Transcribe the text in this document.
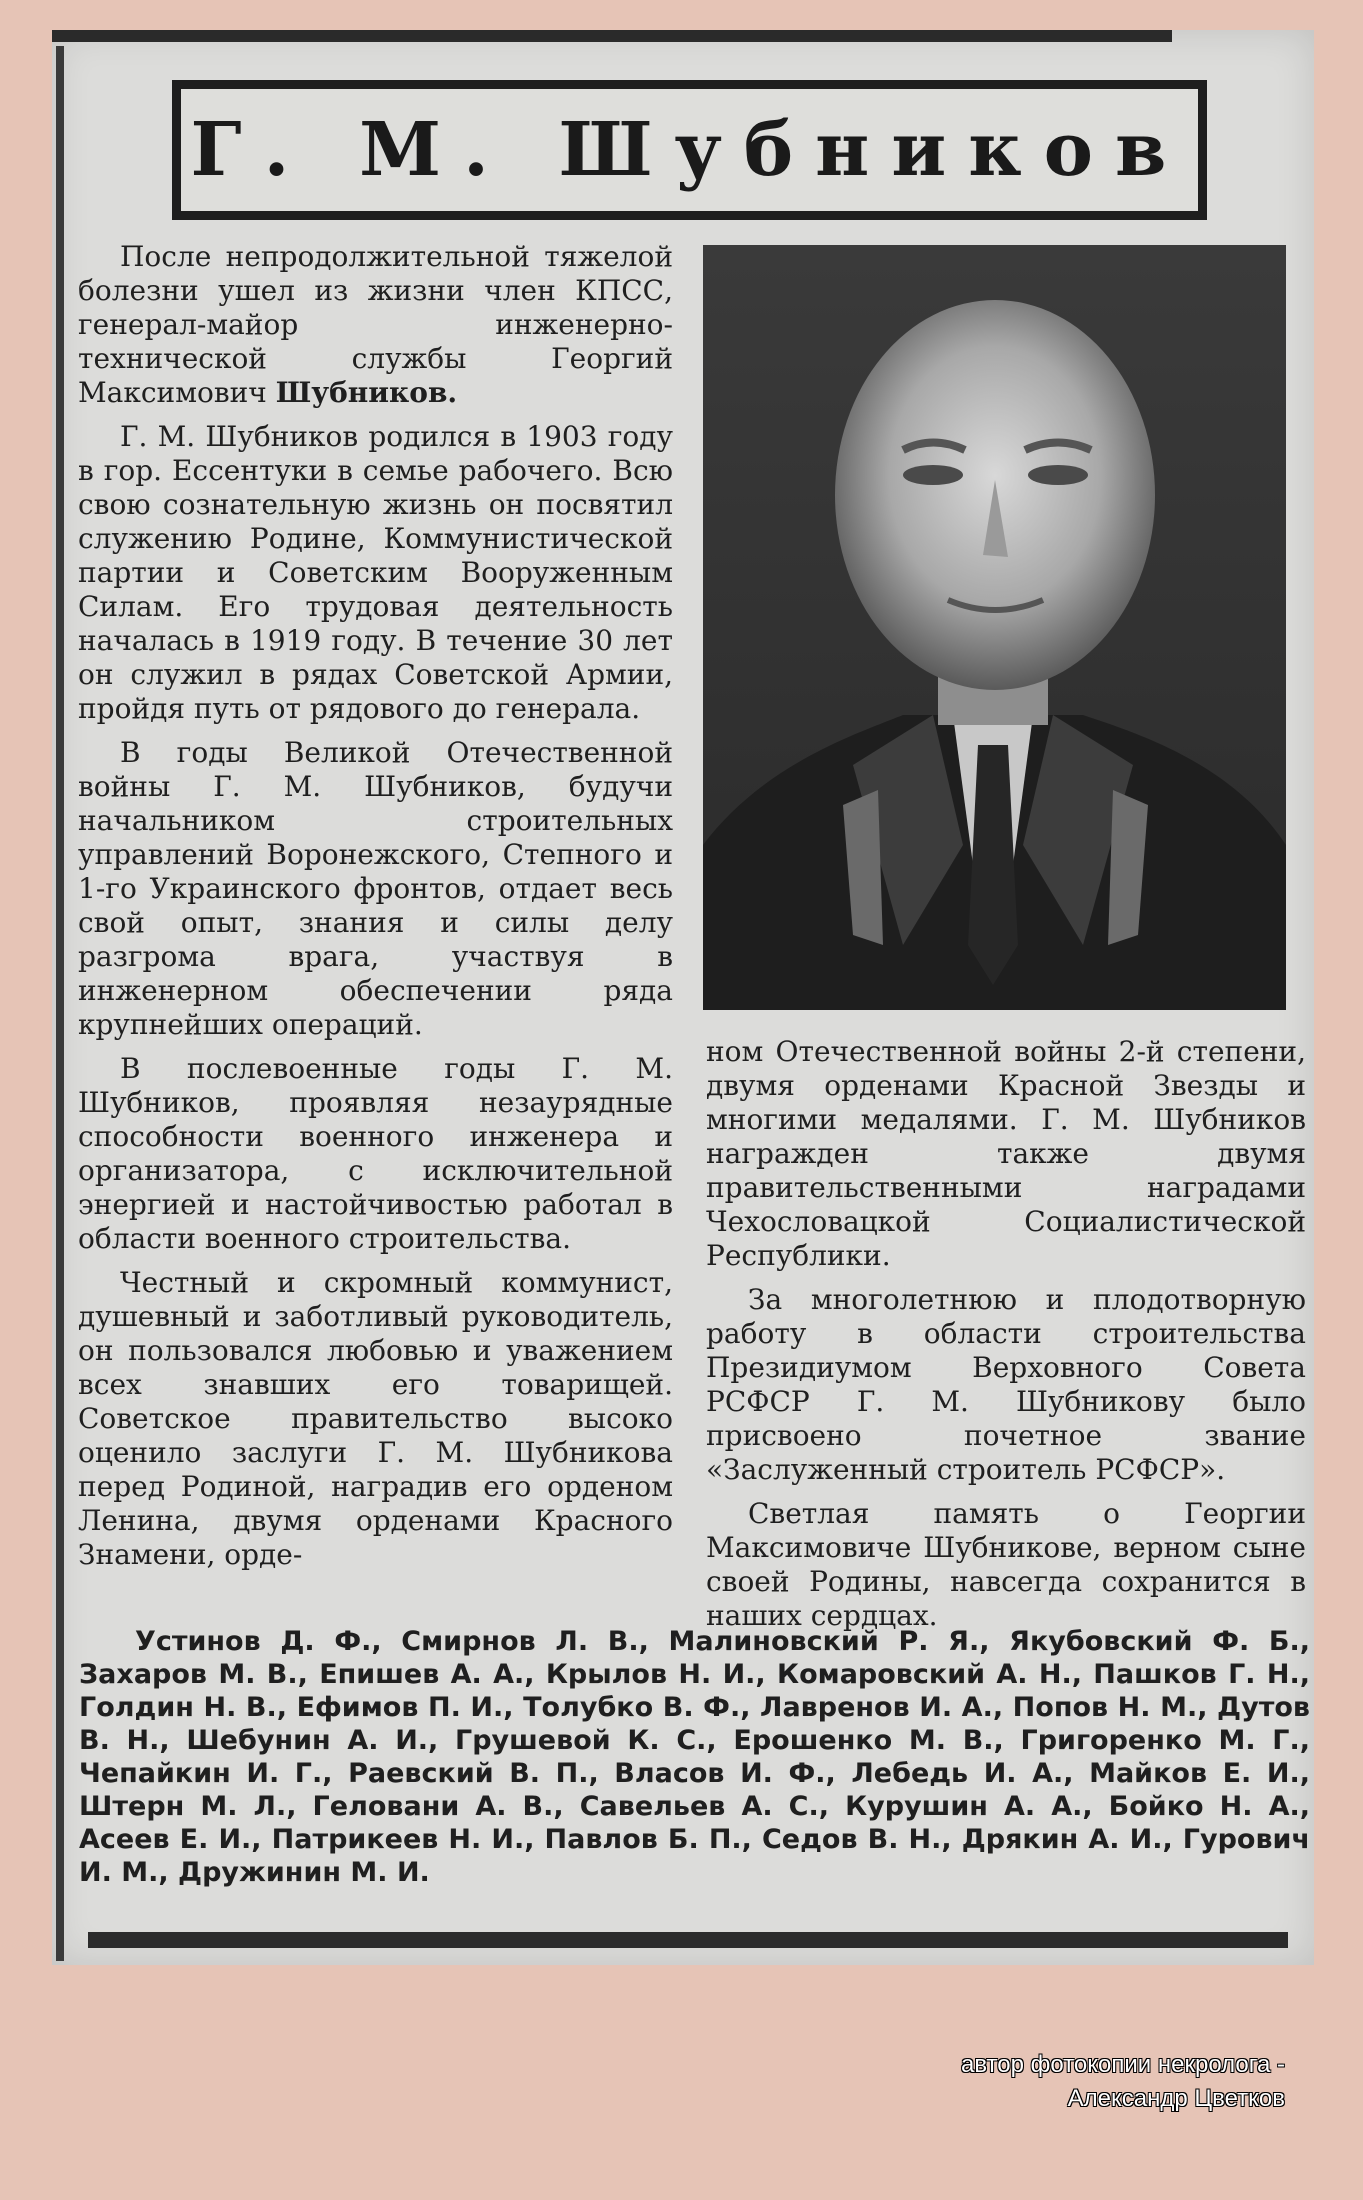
Г. М. Шубников

После непродолжительной тяжелой болезни ушел из жизни член КПСС, генерал-майор инженерно-технической службы Георгий Максимович Шубников.

Г. М. Шубников родился в 1903 году в гор. Ессентуки в семье рабочего. Всю свою сознательную жизнь он посвятил служению Родине, Коммунистической партии и Советским Вооруженным Силам. Его трудовая деятельность началась в 1919 году. В течение 30 лет он служил в рядах Советской Армии, пройдя путь от рядового до генерала.

В годы Великой Отечественной войны Г. М. Шубников, будучи начальником строительных управлений Воронежского, Степного и 1-го Украинского фронтов, отдает весь свой опыт, знания и силы делу разгрома врага, участвуя в инженерном обеспечении ряда крупнейших операций.

В послевоенные годы Г. М. Шубников, проявляя незаурядные способности военного инженера и организатора, с исключительной энергией и настойчивостью работал в области военного строительства.

Честный и скромный коммунист, душевный и заботливый руководитель, он пользовался любовью и уважением всех знавших его товарищей. Советское правительство высоко оценило заслуги Г. М. Шубникова перед Родиной, наградив его орденом Ленина, двумя орденами Красного Знамени, орде-

ном Отечественной войны 2-й степени, двумя орденами Красной Звезды и многими медалями. Г. М. Шубников награжден также двумя правительственными наградами Чехословацкой Социалистической Республики.

За многолетнюю и плодотворную работу в области строительства Президиумом Верховного Совета РСФСР Г. М. Шубникову было присвоено почетное звание «Заслуженный строитель РСФСР».

Светлая память о Георгии Максимовиче Шубникове, верном сыне своей Родины, навсегда сохранится в наших сердцах.

Устинов Д. Ф., Смирнов Л. В., Малиновский Р. Я., Якубовский Ф. Б., Захаров М. В., Епишев А. А., Крылов Н. И., Комаровский А. Н., Пашков Г. Н., Голдин Н. В., Ефимов П. И., Толубко В. Ф., Лавренов И. А., Попов Н. М., Дутов В. Н., Шебунин А. И., Грушевой К. С., Ерошенко М. В., Григоренко М. Г., Чепайкин И. Г., Раевский В. П., Власов И. Ф., Лебедь И. А., Майков Е. И., Штерн М. Л., Геловани А. В., Савельев А. С., Курушин А. А., Бойко Н. А., Асеев Е. И., Патрикеев Н. И., Павлов Б. П., Седов В. Н., Дрякин А. И., Гурович И. М., Дружинин М. И.
автор фотокопии некролога -
Александр Цветков
